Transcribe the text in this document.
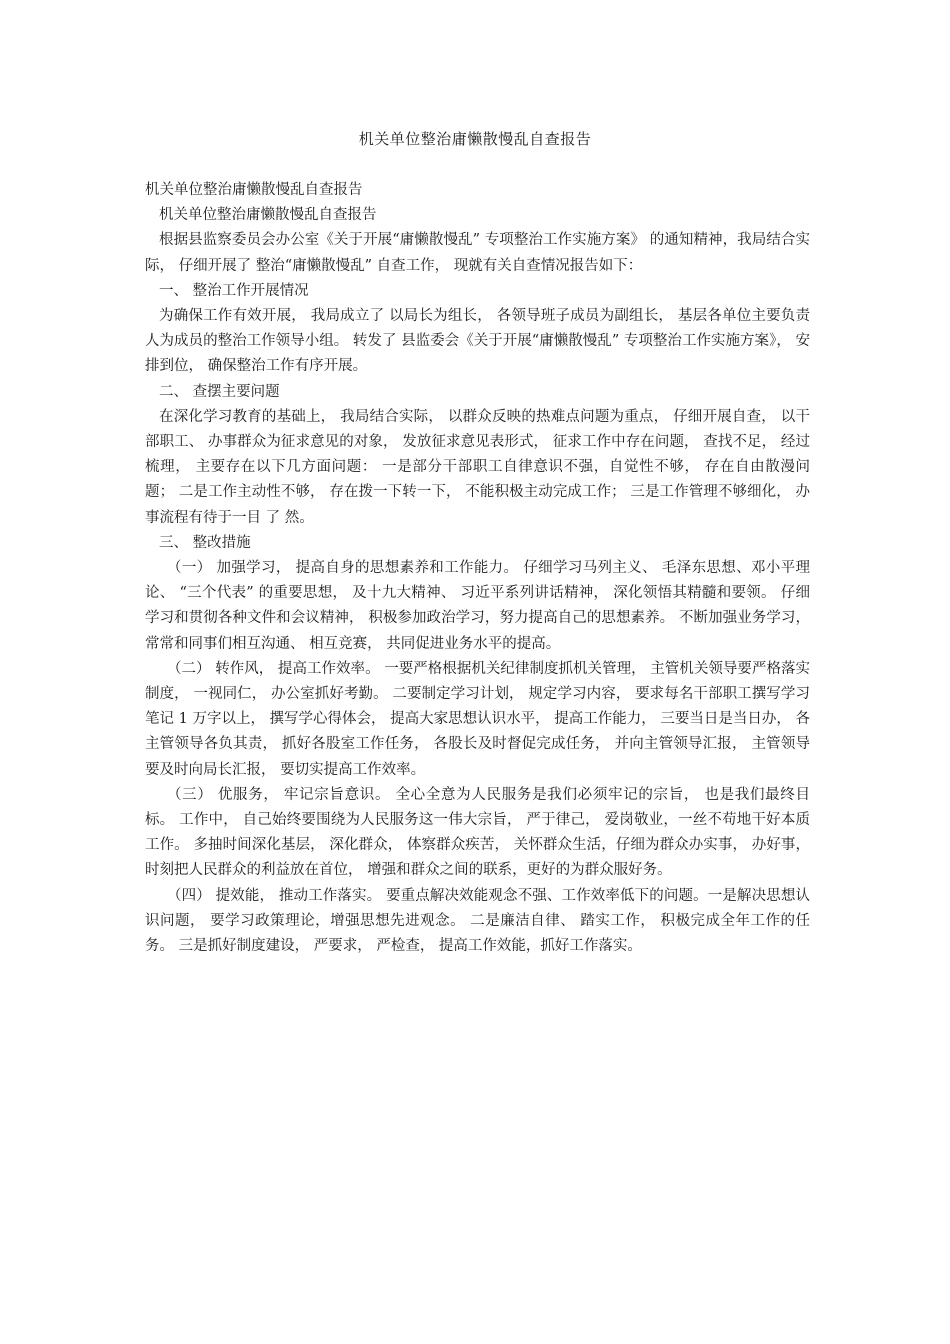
机关单位整治庸懒散慢乱自查报告

机关单位整治庸懒散慢乱自查报告

机关单位整治庸懒散慢乱自查报告

根据县监察委员会办公室《关于开展“庸懒散慢乱” 专项整治工作实施方案》 的通知精神，我局结合实际， 仔细开展了 整治“庸懒散慢乱” 自查工作， 现就有关自查情况报告如下：

一、 整治工作开展情况

为确保工作有效开展， 我局成立了 以局长为组长， 各领导班子成员为副组长， 基层各单位主要负责人为成员的整治工作领导小组。 转发了 县监委会《关于开展“庸懒散慢乱” 专项整治工作实施方案》， 安排到位， 确保整治工作有序开展。

二、 查摆主要问题

在深化学习教育的基础上， 我局结合实际， 以群众反映的热难点问题为重点， 仔细开展自查， 以干部职工、 办事群众为征求意见的对象， 发放征求意见表形式， 征求工作中存在问题， 查找不足， 经过梳理， 主要存在以下几方面问题： 一是部分干部职工自律意识不强，自觉性不够， 存在自由散漫问题； 二是工作主动性不够， 存在拨一下转一下， 不能积极主动完成工作； 三是工作管理不够细化， 办事流程有待于一目 了 然。

三、 整改措施

（一） 加强学习， 提高自身的思想素养和工作能力。 仔细学习马列主义、 毛泽东思想、邓小平理论、 “三个代表” 的重要思想， 及十九大精神、 习近平系列讲话精神， 深化领悟其精髓和要领。 仔细学习和贯彻各种文件和会议精神， 积极参加政治学习，努力提高自己的思想素养。 不断加强业务学习， 常常和同事们相互沟通、 相互竞赛， 共同促进业务水平的提高。

（二） 转作风， 提高工作效率。 一要严格根据机关纪律制度抓机关管理， 主管机关领导要严格落实制度， 一视同仁， 办公室抓好考勤。 二要制定学习计划， 规定学习内容， 要求每名干部职工撰写学习笔记 1 万字以上， 撰写学心得体会， 提高大家思想认识水平， 提高工作能力， 三要当日是当日办， 各主管领导各负其责， 抓好各股室工作任务， 各股长及时督促完成任务， 并向主管领导汇报， 主管领导要及时向局长汇报， 要切实提高工作效率。

（三） 优服务， 牢记宗旨意识。 全心全意为人民服务是我们必须牢记的宗旨， 也是我们最终目 标。 工作中， 自己始终要围绕为人民服务这一伟大宗旨， 严于律己， 爱岗敬业，一丝不苟地干好本质工作。 多抽时间深化基层， 深化群众， 体察群众疾苦， 关怀群众生活，仔细为群众办实事， 办好事， 时刻把人民群众的利益放在首位， 增强和群众之间的联系，更好的为群众服好务。

（四） 提效能， 推动工作落实。 要重点解决效能观念不强、工作效率低下的问题。一是解决思想认识问题， 要学习政策理论，增强思想先进观念。 二是廉洁自律、 踏实工作， 积极完成全年工作的任务。 三是抓好制度建设， 严要求， 严检查， 提高工作效能，抓好工作落实。
